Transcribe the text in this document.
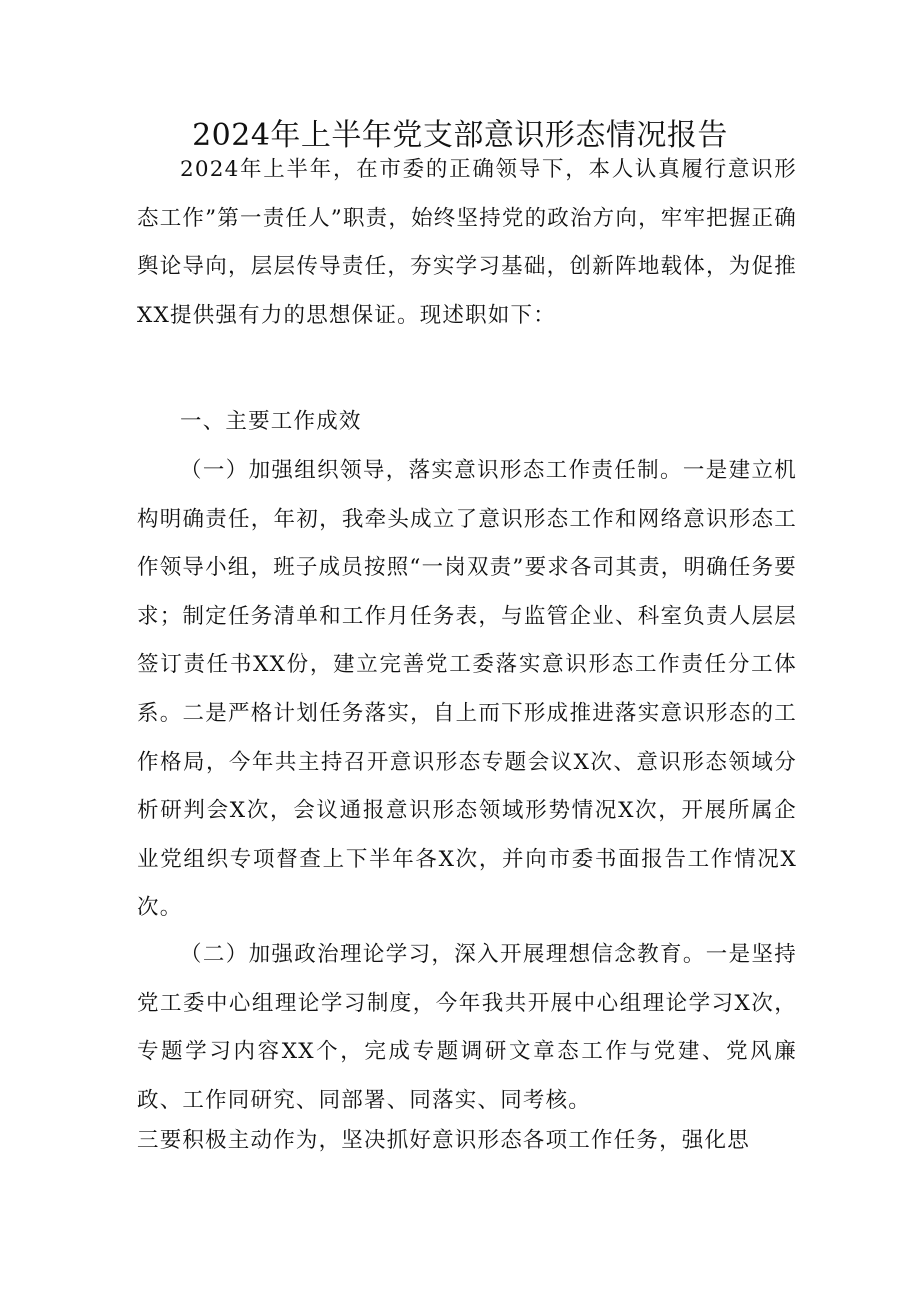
2024年上半年党支部意识形态情况报告

2024年上半年，在市委的正确领导下，本人认真履行意识形态工作”第一责任人”职责，始终坚持党的政治方向，牢牢把握正确舆论导向，层层传导责任，夯实学习基础，创新阵地载体，为促推XX提供强有力的思想保证。现述职如下：

一、主要工作成效

（一）加强组织领导，落实意识形态工作责任制。一是建立机构明确责任，年初，我牵头成立了意识形态工作和网络意识形态工作领导小组，班子成员按照“一岗双责”要求各司其责，明确任务要求；制定任务清单和工作月任务表，与监管企业、科室负责人层层签订责任书XX份，建立完善党工委落实意识形态工作责任分工体系。二是严格计划任务落实，自上而下形成推进落实意识形态的工作格局，今年共主持召开意识形态专题会议X次、意识形态领域分析研判会X次，会议通报意识形态领域形势情况X次，开展所属企业党组织专项督查上下半年各X次，并向市委书面报告工作情况X次。

（二）加强政治理论学习，深入开展理想信念教育。一是坚持党工委中心组理论学习制度，今年我共开展中心组理论学习X次，专题学习内容XX个，完成专题调研文章态工作与党建、党风廉政、工作同研究、同部署、同落实、同考核。

三要积极主动作为，坚决抓好意识形态各项工作任务，强化思
